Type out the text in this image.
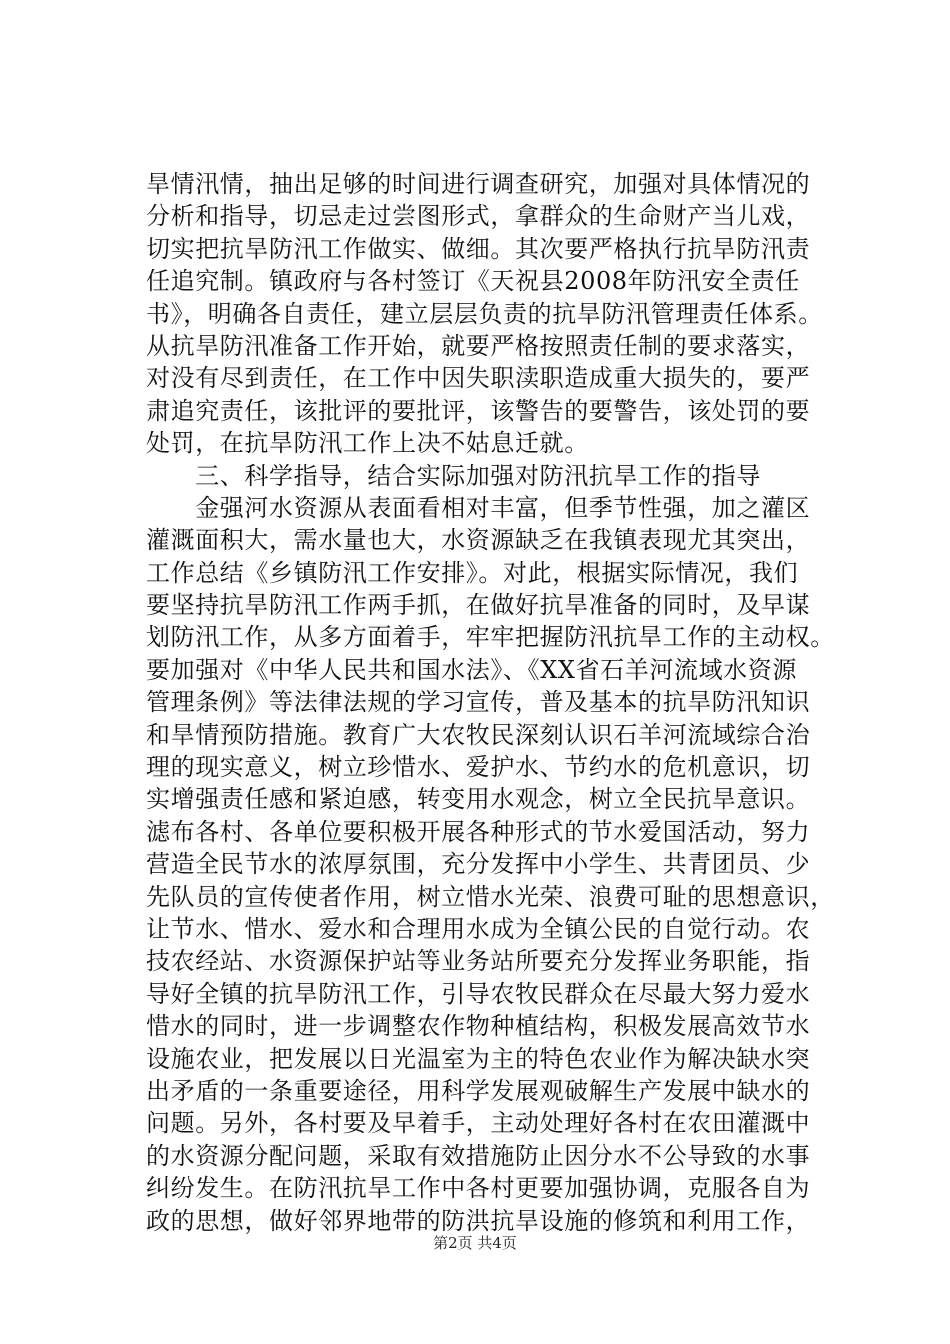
旱情汛情，抽出足够的时间进行调查研究，加强对具体情况的
分析和指导，切忌走过尝图形式，拿群众的生命财产当儿戏，
切实把抗旱防汛工作做实、做细。其次要严格执行抗旱防汛责
任追究制。镇政府与各村签订《天祝县2008年防汛安全责任
书》，明确各自责任，建立层层负责的抗旱防汛管理责任体系。
从抗旱防汛准备工作开始，就要严格按照责任制的要求落实，
对没有尽到责任，在工作中因失职渎职造成重大损失的，要严
肃追究责任，该批评的要批评，该警告的要警告，该处罚的要
处罚，在抗旱防汛工作上决不姑息迁就。
　　三、科学指导，结合实际加强对防汛抗旱工作的指导
　　金强河水资源从表面看相对丰富，但季节性强，加之灌区
灌溉面积大，需水量也大，水资源缺乏在我镇表现尤其突出，
工作总结《乡镇防汛工作安排》。对此，根据实际情况，我们
要坚持抗旱防汛工作两手抓，在做好抗旱准备的同时，及早谋
划防汛工作，从多方面着手，牢牢把握防汛抗旱工作的主动权。
要加强对《中华人民共和国水法》、《XX省石羊河流域水资源
管理条例》等法律法规的学习宣传，普及基本的抗旱防汛知识
和旱情预防措施。教育广大农牧民深刻认识石羊河流域综合治
理的现实意义，树立珍惜水、爱护水、节约水的危机意识，切
实增强责任感和紧迫感，转变用水观念，树立全民抗旱意识。
滤布各村、各单位要积极开展各种形式的节水爱国活动，努力
营造全民节水的浓厚氛围，充分发挥中小学生、共青团员、少
先队员的宣传使者作用，树立惜水光荣、浪费可耻的思想意识，
让节水、惜水、爱水和合理用水成为全镇公民的自觉行动。农
技农经站、水资源保护站等业务站所要充分发挥业务职能，指
导好全镇的抗旱防汛工作，引导农牧民群众在尽最大努力爱水
惜水的同时，进一步调整农作物种植结构，积极发展高效节水
设施农业，把发展以日光温室为主的特色农业作为解决缺水突
出矛盾的一条重要途径，用科学发展观破解生产发展中缺水的
问题。另外，各村要及早着手，主动处理好各村在农田灌溉中
的水资源分配问题，采取有效措施防止因分水不公导致的水事
纠纷发生。在防汛抗旱工作中各村更要加强协调，克服各自为
政的思想，做好邻界地带的防洪抗旱设施的修筑和利用工作，
第2页 共4页
